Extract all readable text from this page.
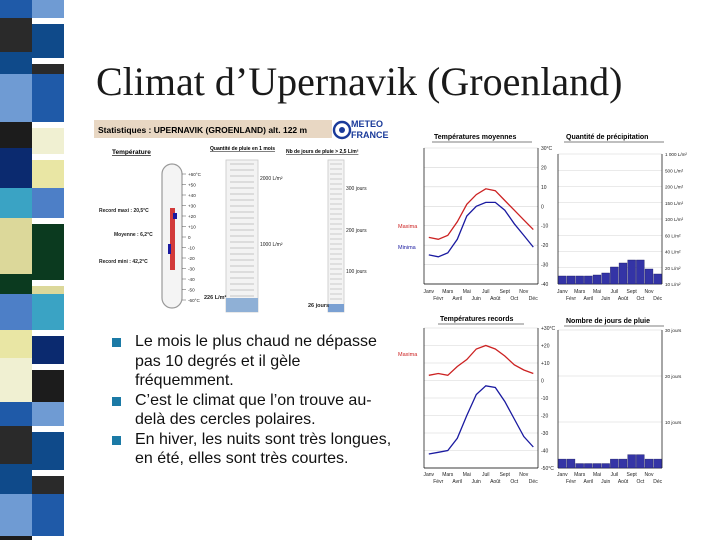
Climat d’Upernavik (Groenland)
Statistiques : UPERNAVIK (GROENLAND) alt. 122 m
METEO
FRANCE
Température	Quantité de pluie en 1 mois Nb de jours de pluie > 2,5 L/m²
+60°C
+50
+40
+30
+20
+10
0
-10
-20
-30
-40
-50
-60°C
Record maxi : 20,5°C
Moyenne : 6,2°C
Record mini : 42,2°C
2000 L/m²
1000 L/m²
226 L/m²
300 jours
200 jours
100 jours
26 jours
Températures moyennes
30°C
20
10
0
-10
-20
-30
-40
Maxima
Minima
Janv
Févr
Mars
Avril
Mai
Juin
Juil
Août
Sept
Oct
Nov
Déc
Quantité de précipitation
1 000 L/m²
500 L/m²
200 L/m²
150 L/m²
100 L/m²
60 L/m²
40 L/m²
20 L/m²
10 L/m²
Janv
Févr
Mars
Avril
Mai
Juin
Juil
Août
Sept
Oct
Nov
Déc
Températures records
+30°C
+20
+10
0
-10
-20
-30
-40
-50°C
Maxima
Janv
Févr
Mars
Avril
Mai
Juin
Juil
Août
Sept
Oct
Nov
Déc
Nombre de jours de pluie
30 jours
20 jours
10 jours
Janv
Févr
Mars
Avril
Mai
Juin
Juil
Août
Sept
Oct
Nov
Déc
Le mois le plus chaud ne dépasse pas 10 degrés et il gèle fréquemment.
C’est le climat que l’on trouve au-delà des cercles polaires.
En hiver, les nuits sont très longues, en été, elles sont très courtes.
